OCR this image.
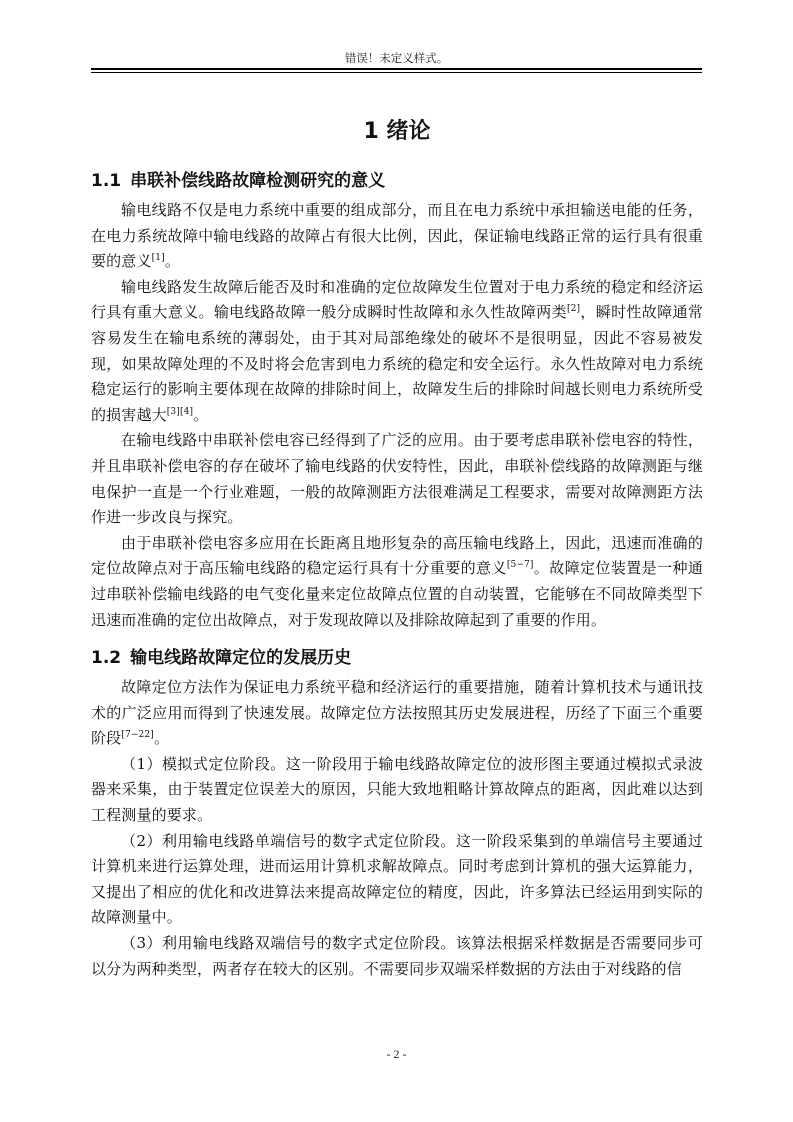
错误！未定义样式。
1 绪论
1.1 串联补偿线路故障检测研究的意义

输电线路不仅是电力系统中重要的组成部分，而且在电力系统中承担输送电能的任务，在电力系统故障中输电线路的故障占有很大比例，因此，保证输电线路正常的运行具有很重要的意义[1]。

输电线路发生故障后能否及时和准确的定位故障发生位置对于电力系统的稳定和经济运行具有重大意义。输电线路故障一般分成瞬时性故障和永久性故障两类[2]，瞬时性故障通常容易发生在输电系统的薄弱处，由于其对局部绝缘处的破坏不是很明显，因此不容易被发现，如果故障处理的不及时将会危害到电力系统的稳定和安全运行。永久性故障对电力系统稳定运行的影响主要体现在故障的排除时间上，故障发生后的排除时间越长则电力系统所受的损害越大[3][4]。

在输电线路中串联补偿电容已经得到了广泛的应用。由于要考虑串联补偿电容的特性，并且串联补偿电容的存在破坏了输电线路的伏安特性，因此，串联补偿线路的故障测距与继电保护一直是一个行业难题，一般的故障测距方法很难满足工程要求，需要对故障测距方法作进一步改良与探究。

由于串联补偿电容多应用在长距离且地形复杂的高压输电线路上，因此，迅速而准确的定位故障点对于高压输电线路的稳定运行具有十分重要的意义[5−7]。故障定位装置是一种通过串联补偿输电线路的电气变化量来定位故障点位置的自动装置，它能够在不同故障类型下迅速而准确的定位出故障点，对于发现故障以及排除故障起到了重要的作用。

1.2 输电线路故障定位的发展历史

故障定位方法作为保证电力系统平稳和经济运行的重要措施，随着计算机技术与通讯技术的广泛应用而得到了快速发展。故障定位方法按照其历史发展进程，历经了下面三个重要阶段[7−22]。

（1）模拟式定位阶段。这一阶段用于输电线路故障定位的波形图主要通过模拟式录波器来采集，由于装置定位误差大的原因，只能大致地粗略计算故障点的距离，因此难以达到工程测量的要求。

（2）利用输电线路单端信号的数字式定位阶段。这一阶段采集到的单端信号主要通过计算机来进行运算处理，进而运用计算机求解故障点。同时考虑到计算机的强大运算能力，又提出了相应的优化和改进算法来提高故障定位的精度，因此，许多算法已经运用到实际的故障测量中。

（3）利用输电线路双端信号的数字式定位阶段。该算法根据采样数据是否需要同步可以分为两种类型，两者存在较大的区别。不需要同步双端采样数据的方法由于对线路的信

- 2 -
